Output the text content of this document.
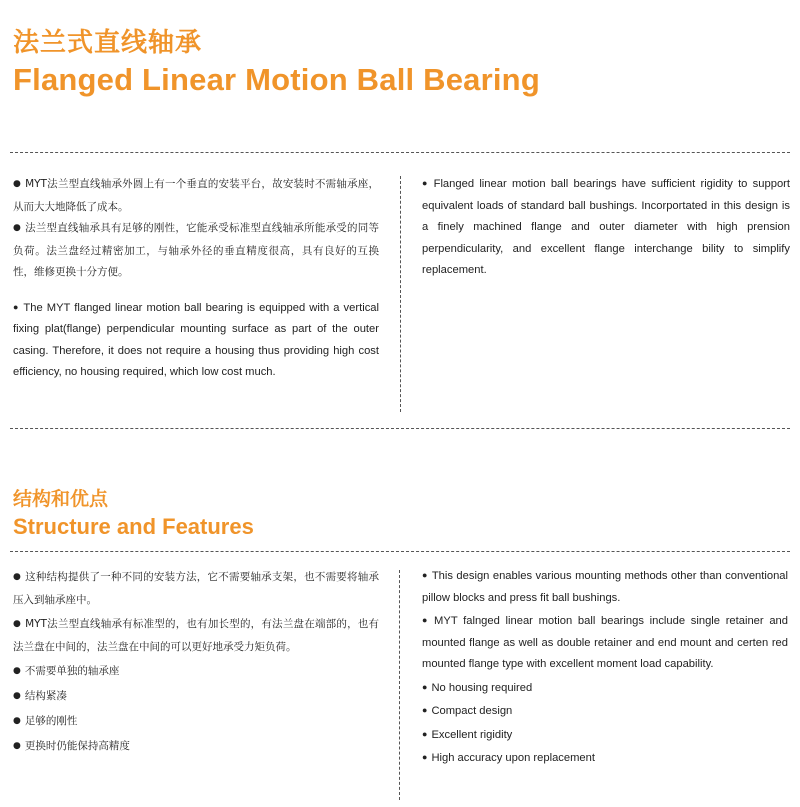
法兰式直线轴承
Flanged Linear Motion Ball Bearing

● MYT法兰型直线轴承外圆上有一个垂直的安装平台，故安装时不需轴承座，从而大大地降低了成本。

● 法兰型直线轴承具有足够的刚性，它能承受标准型直线轴承所能承受的同等负荷。法兰盘经过精密加工，与轴承外径的垂直精度很高，具有良好的互换性，维修更换十分方便。

● The MYT flanged linear motion ball bearing is equipped with a vertical fixing plat(flange) perpendicular mounting surface as part of the outer casing. Therefore, it does not require a housing thus providing high cost efficiency, no housing required, which low cost much.

● Flanged linear motion ball bearings have sufficient rigidity to support equivalent loads of standard ball bushings. Incorportated in this design is a finely machined flange and outer diameter with high prension perpendicularity, and excellent flange interchange bility to simplify replacement.

结构和优点
Structure and Features

● 这种结构提供了一种不同的安装方法，它不需要轴承支架，也不需要将轴承压入到轴承座中。

● MYT法兰型直线轴承有标准型的，也有加长型的，有法兰盘在端部的，也有法兰盘在中间的，法兰盘在中间的可以更好地承受力矩负荷。

● 不需要单独的轴承座

● 结构紧凑

● 足够的刚性

● 更换时仍能保持高精度

● This design enables various mounting methods other than conventional pillow blocks and press fit ball bushings.

● MYT falnged linear motion ball bearings include single retainer and mounted flange as well as double retainer and end mount and certen red mounted flange type with excellent moment load capability.

● No housing required

● Compact design

● Excellent rigidity

● High accuracy upon replacement
